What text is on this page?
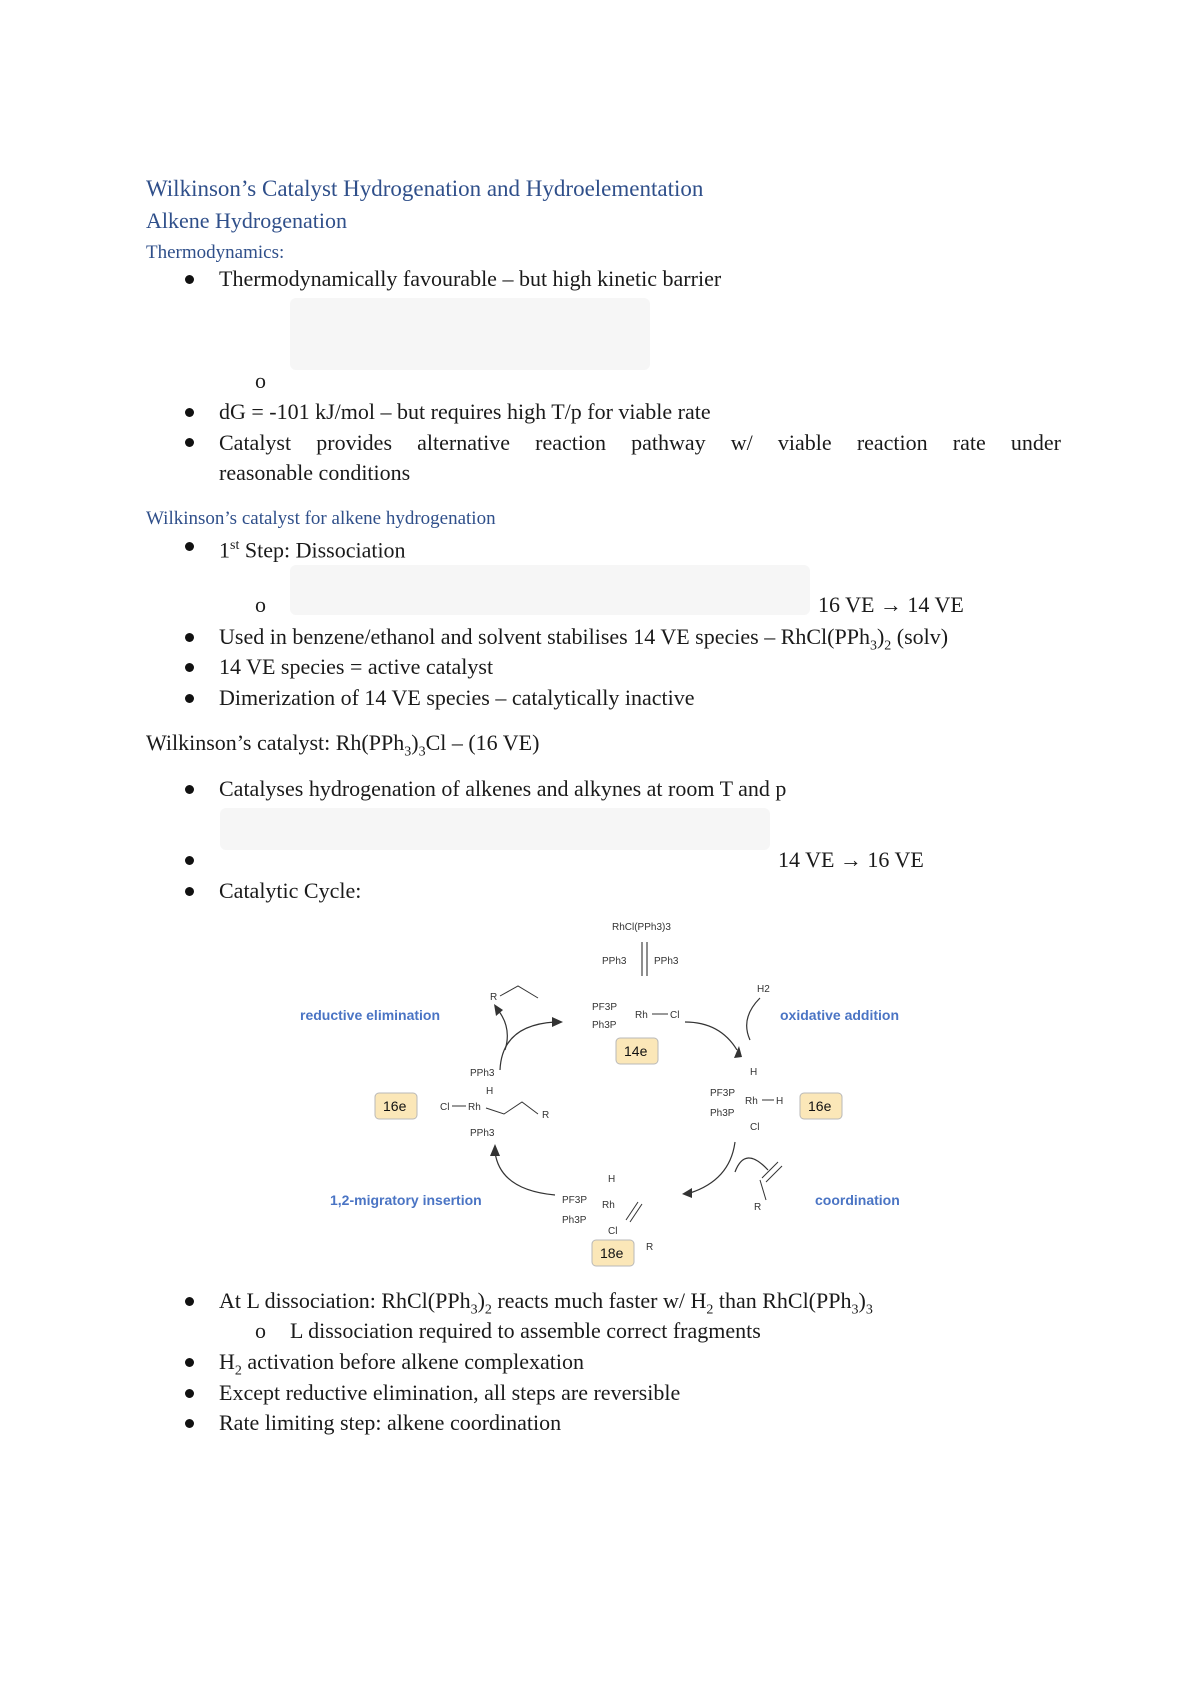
Wilkinson’s Catalyst Hydrogenation and Hydroelementation
Alkene Hydrogenation
Thermodynamics:
Thermodynamically favourable – but high kinetic barrier
o
dG = -101 kJ/mol – but requires high T/p for viable rate
Catalyst provides alternative reaction pathway w/ viable reaction rate under
reasonable conditions
Wilkinson’s catalyst for alkene hydrogenation
1st Step: Dissociation
o	16 VE → 14 VE
Used in benzene/ethanol and solvent stabilises 14 VE species – $RhCl(PPh_3)_2$ (solv)
14 VE species = active catalyst
Dimerization of 14 VE species – catalytically inactive
Wilkinson’s catalyst: $Rh(PPh_3)_3Cl - (16$ VE)
Catalyses hydrogenation of alkenes and alkynes at room T and p
14 VE → 16 VE
Catalytic Cycle:
RhCl(PPh3)3
PPh3	PPh3
PF3P
Rh Cl
Ph3P
14e
reductive elimination	oxidative addition
1,2-migratory insertion	coordination
R
H2
16e
PPh3
Cl Rh
H
R
PPh3
H
PF3P
Rh H
Ph3P
Cl
16e
R
H
PF3P Rh
Ph3P
Cl
R
18e
At L dissociation: $RhCl(PPh_3)_2$ reacts much faster w/ $H_2$ than $RhCl(PPh_3)_3$
o L dissociation required to assemble correct fragments
$H_2$ activation before alkene complexation
Except reductive elimination, all steps are reversible
Rate limiting step: alkene coordination
